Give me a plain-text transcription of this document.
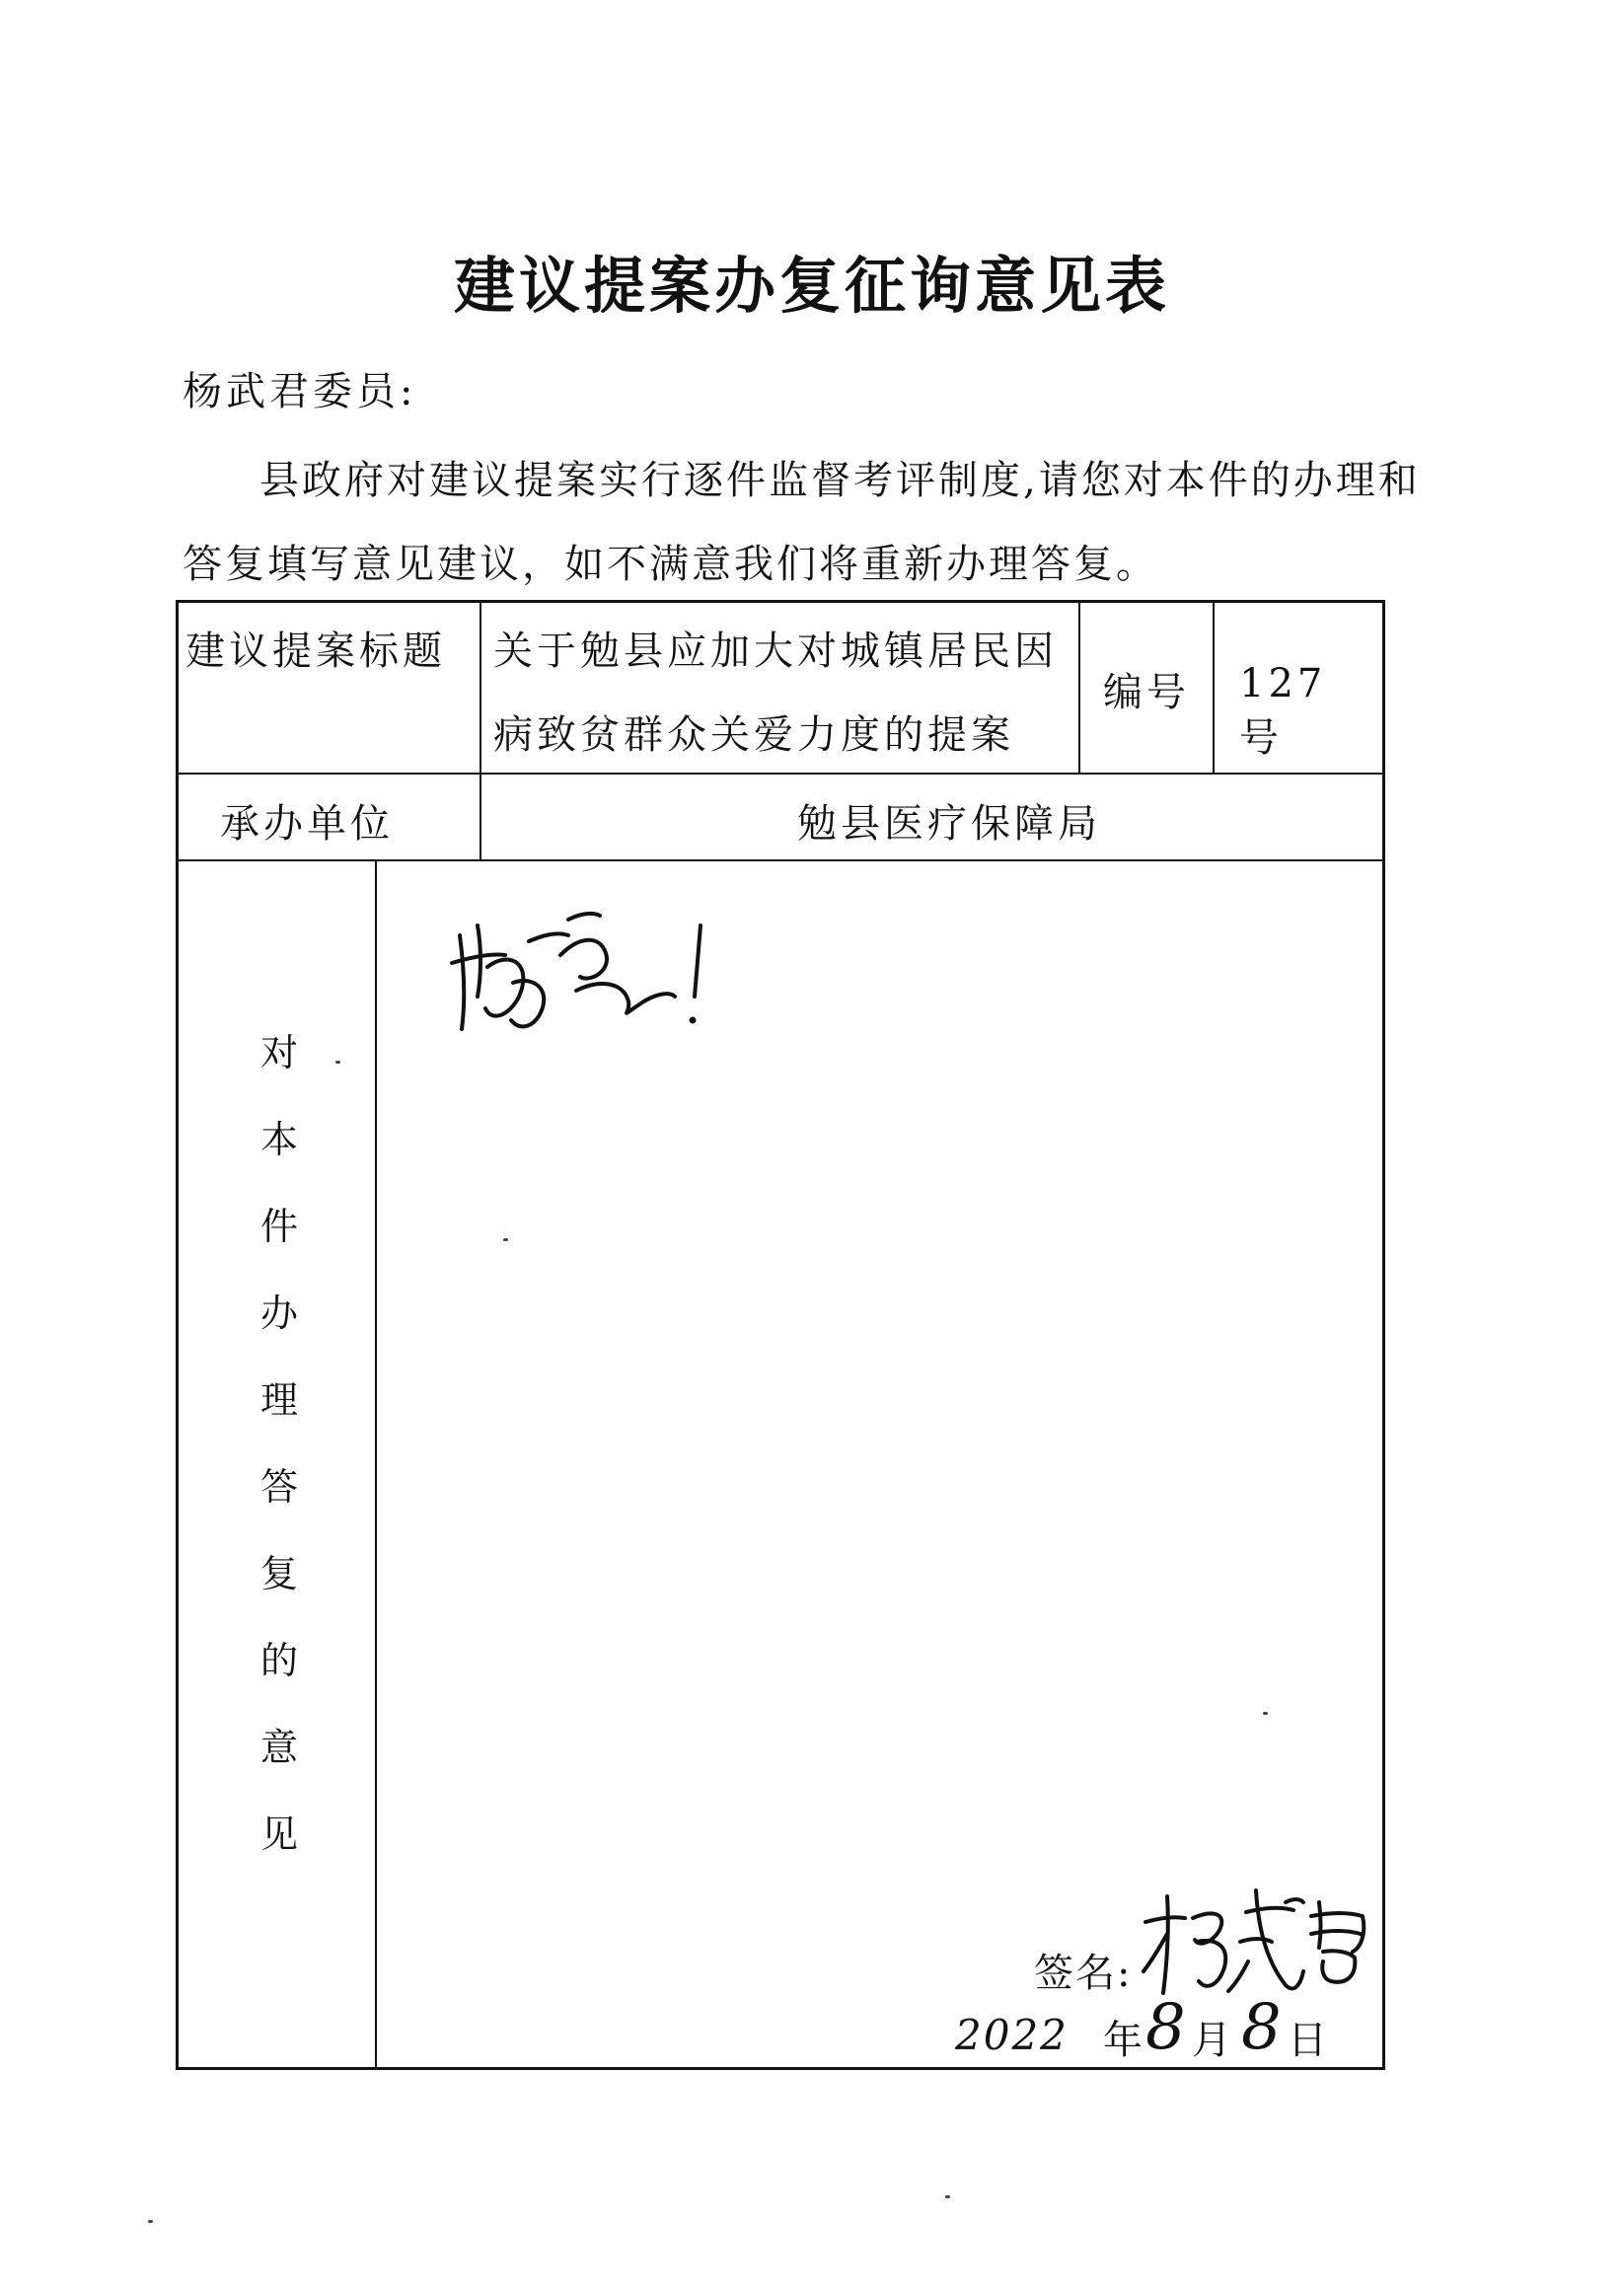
建议提案办复征询意见表
杨武君委员:
县政府对建议提案实行逐件监督考评制度,请您对本件的办理和
答复填写意见建议，如不满意我们将重新办理答复。
建议提案标题 关于勉县应加大对城镇居民因
病致贫群众关爱力度的提案
编号 127 号
承办单位	勉县医疗保障局
对
本
件
办
理
答
复
的
意
见
签名:
2022 年 8 月 8 日
